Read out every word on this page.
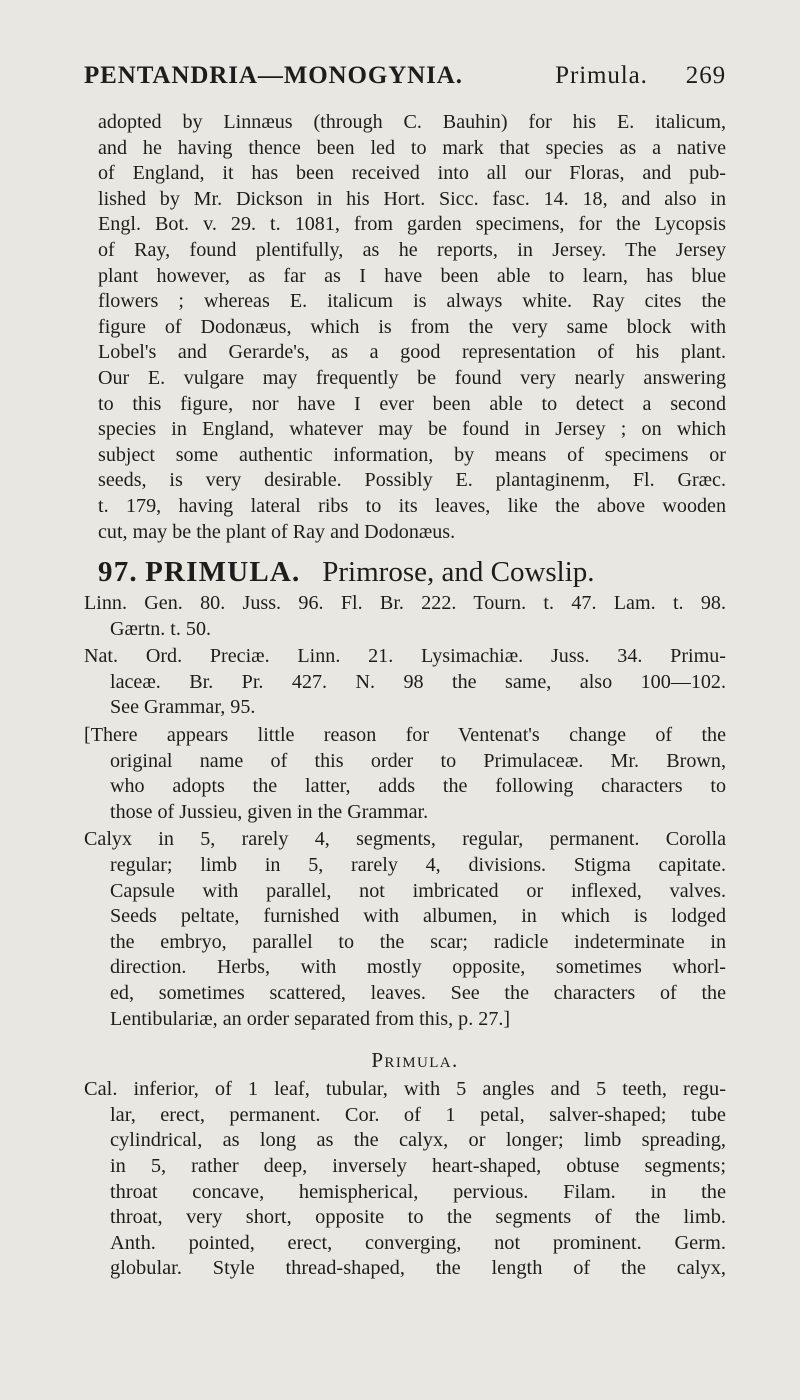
PENTANDRIA—MONOGYNIA.	Primula. 269
adopted by Linnæus (through C. Bauhin) for his E. italicum,
and he having thence been led to mark that species as a native
of England, it has been received into all our Floras, and pub-
lished by Mr. Dickson in his Hort. Sicc. fasc. 14. 18, and also in
Engl. Bot. v. 29. t. 1081, from garden specimens, for the Lycopsis
of Ray, found plentifully, as he reports, in Jersey. The Jersey
plant however, as far as I have been able to learn, has blue
flowers ; whereas E. italicum is always white. Ray cites the
figure of Dodonæus, which is from the very same block with
Lobel's and Gerarde's, as a good representation of his plant.
Our E. vulgare may frequently be found very nearly answering
to this figure, nor have I ever been able to detect a second
species in England, whatever may be found in Jersey ; on which
subject some authentic information, by means of specimens or
seeds, is very desirable. Possibly E. plantaginenm, Fl. Græc.
t. 179, having lateral ribs to its leaves, like the above wooden
cut, may be the plant of Ray and Dodonæus.
97. PRIMULA. Primrose, and Cowslip.
Linn. Gen. 80. Juss. 96. Fl. Br. 222. Tourn. t. 47. Lam. t. 98.
Gærtn. t. 50.
Nat. Ord. Preciæ. Linn. 21. Lysimachiæ. Juss. 34. Primu-
laceæ. Br. Pr. 427. N. 98 the same, also 100—102.
See Grammar, 95.
[There appears little reason for Ventenat's change of the
original name of this order to Primulaceæ. Mr. Brown,
who adopts the latter, adds the following characters to
those of Jussieu, given in the Grammar.
Calyx in 5, rarely 4, segments, regular, permanent. Corolla
regular; limb in 5, rarely 4, divisions. Stigma capitate.
Capsule with parallel, not imbricated or inflexed, valves.
Seeds peltate, furnished with albumen, in which is lodged
the embryo, parallel to the scar; radicle indeterminate in
direction. Herbs, with mostly opposite, sometimes whorl-
ed, sometimes scattered, leaves. See the characters of the
Lentibulariæ, an order separated from this, p. 27.]
Primula.
Cal. inferior, of 1 leaf, tubular, with 5 angles and 5 teeth, regu-
lar, erect, permanent. Cor. of 1 petal, salver-shaped; tube
cylindrical, as long as the calyx, or longer; limb spreading,
in 5, rather deep, inversely heart-shaped, obtuse segments;
throat concave, hemispherical, pervious. Filam. in the
throat, very short, opposite to the segments of the limb.
Anth. pointed, erect, converging, not prominent. Germ.
globular. Style thread-shaped, the length of the calyx,
